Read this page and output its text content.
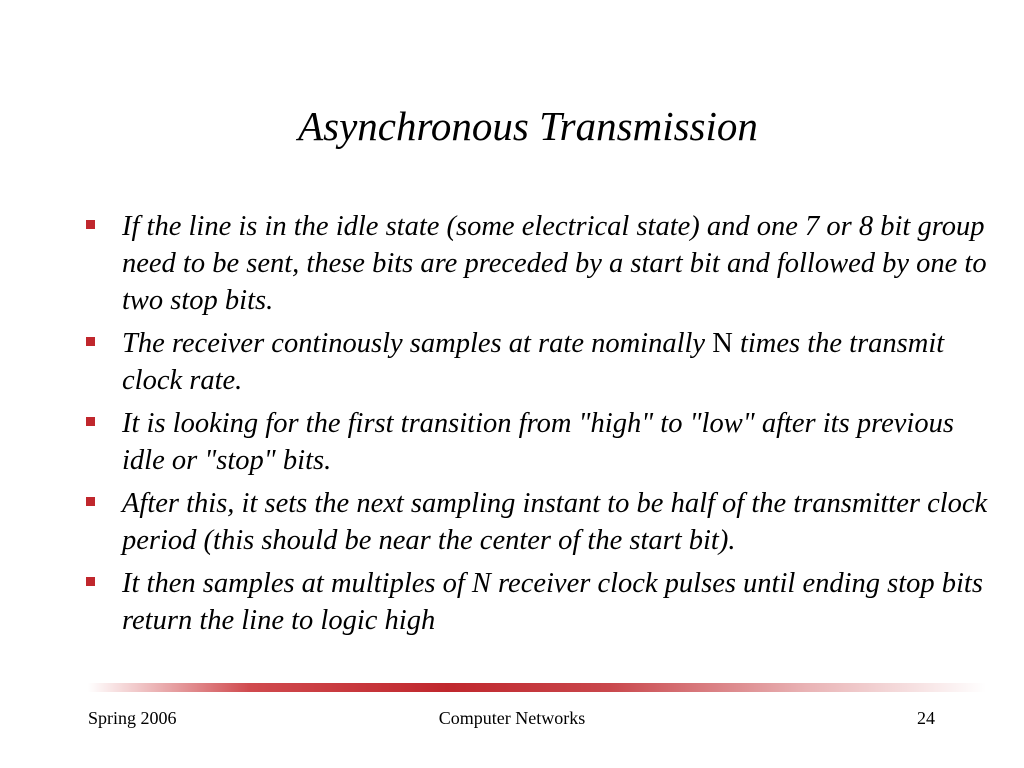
Asynchronous Transmission
If the line is in the idle state (some electrical state) and one 7 or 8 bit group need to be sent, these bits are preceded by a start bit and followed by one to two stop bits.
The receiver continously samples at rate nominally N times the transmit clock rate.
It is looking for the first transition from "high" to "low" after its previous idle or "stop" bits.
After this, it sets the next sampling instant to be half of the transmitter clock period (this should be near the center of the start bit).
It then samples at multiples of N receiver clock pulses until ending stop bits return the line to logic high
Spring 2006	Computer Networks	24
